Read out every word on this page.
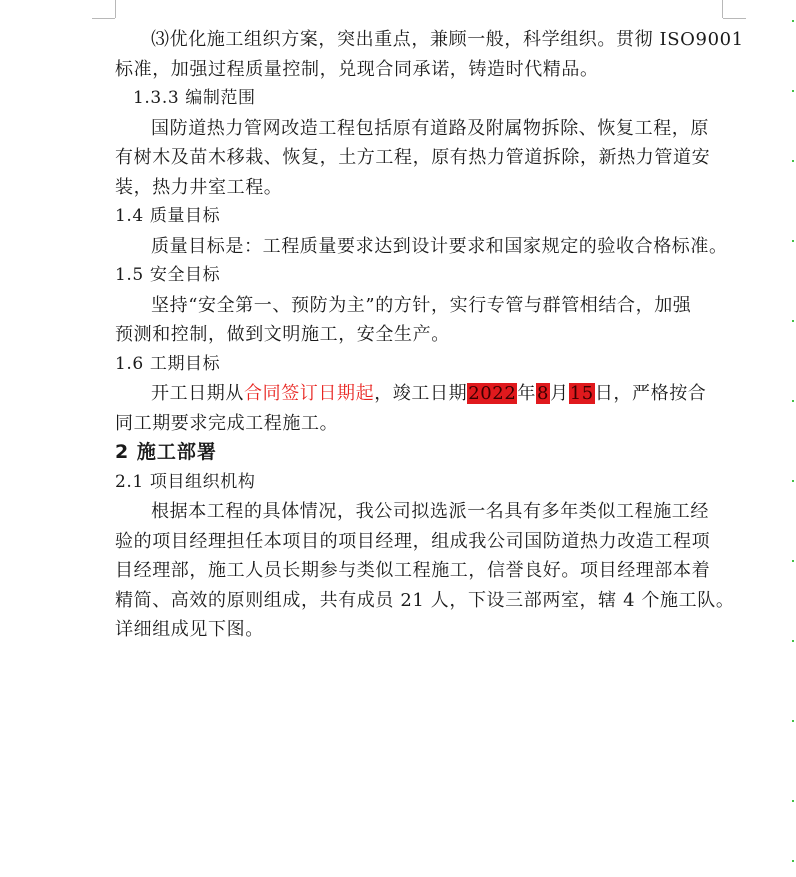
⑶优化施工组织方案，突出重点，兼顾一般，科学组织。贯彻 ISO9001

标准，加强过程质量控制，兑现合同承诺，铸造时代精品。

1.3.3 编制范围

国防道热力管网改造工程包括原有道路及附属物拆除、恢复工程，原

有树木及苗木移栽、恢复，土方工程，原有热力管道拆除，新热力管道安

装，热力井室工程。

1.4 质量目标

质量目标是：工程质量要求达到设计要求和国家规定的验收合格标准。

1.5 安全目标

坚持“安全第一、预防为主”的方针，实行专管与群管相结合，加强

预测和控制，做到文明施工，安全生产。

1.6 工期目标

开工日期从合同签订日期起，竣工日期2022年8月15日，严格按合

同工期要求完成工程施工。

2 施工部署

2.1 项目组织机构

根据本工程的具体情况，我公司拟选派一名具有多年类似工程施工经

验的项目经理担任本项目的项目经理，组成我公司国防道热力改造工程项

目经理部，施工人员长期参与类似工程施工，信誉良好。项目经理部本着

精简、高效的原则组成，共有成员 21 人，下设三部两室，辖 4 个施工队。

详细组成见下图。
